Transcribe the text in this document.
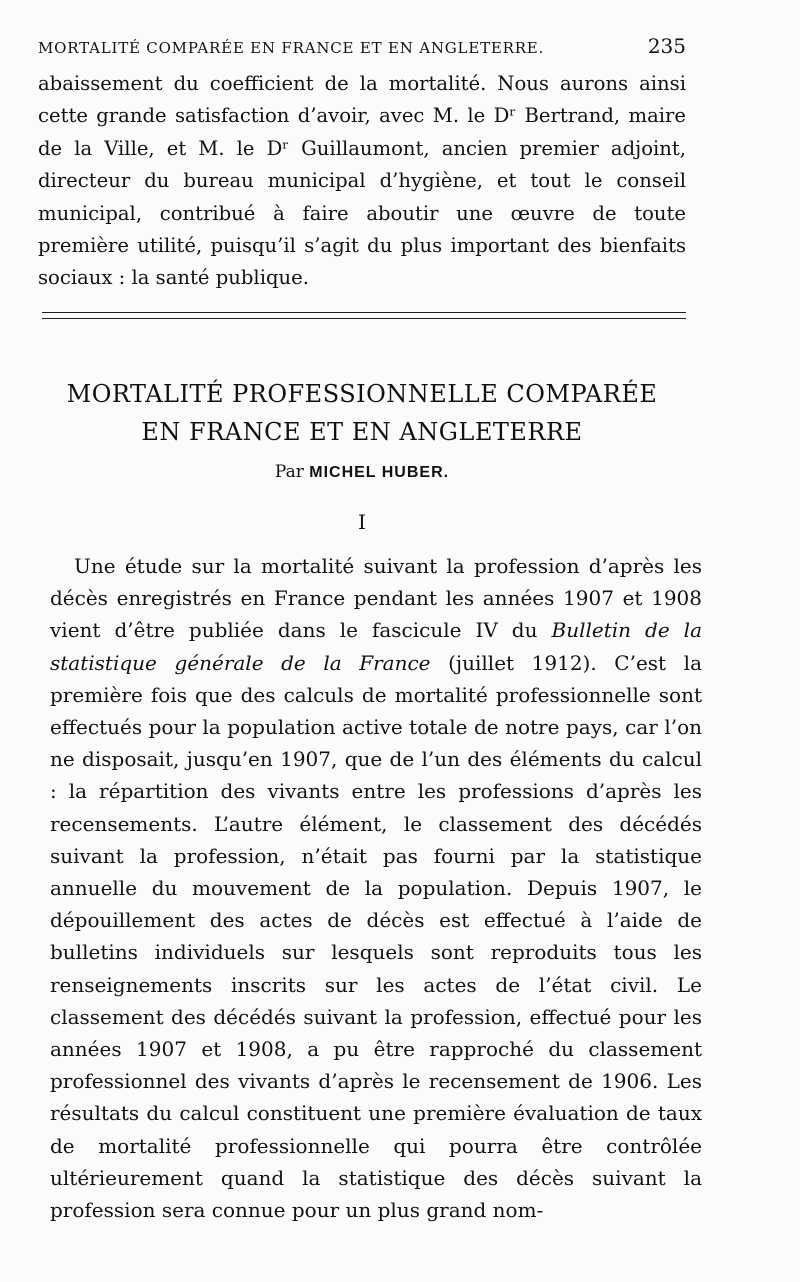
MORTALITÉ COMPARÉE EN FRANCE ET EN ANGLETERRE.	235

abaissement du coefficient de la mortalité. Nous aurons ainsi cette grande satisfaction d’avoir, avec M. le Dʳ Bertrand, maire de la Ville, et M. le Dʳ Guillaumont, ancien premier adjoint, directeur du bureau municipal d’hygiène, et tout le conseil municipal, contribué à faire aboutir une œuvre de toute première utilité, puisqu’il s’agit du plus important des bienfaits sociaux : la santé publique.

MORTALITÉ PROFESSIONNELLE COMPARÉE
EN FRANCE ET EN ANGLETERRE
Par MICHEL HUBER.
I

Une étude sur la mortalité suivant la profession d’après les décès enregistrés en France pendant les années 1907 et 1908 vient d’être publiée dans le fascicule IV du Bulletin de la statistique générale de la France (juillet 1912). C’est la première fois que des calculs de mortalité professionnelle sont effectués pour la population active totale de notre pays, car l’on ne disposait, jusqu’en 1907, que de l’un des éléments du calcul : la répartition des vivants entre les professions d’après les recensements. L’autre élément, le classement des décédés suivant la profession, n’était pas fourni par la statistique annuelle du mouvement de la population. Depuis 1907, le dépouillement des actes de décès est effectué à l’aide de bulletins individuels sur lesquels sont reproduits tous les renseignements inscrits sur les actes de l’état civil. Le classement des décédés suivant la profession, effectué pour les années 1907 et 1908, a pu être rapproché du classement professionnel des vivants d’après le recensement de 1906. Les résultats du calcul constituent une première évaluation de taux de mortalité professionnelle qui pourra être contrôlée ultérieurement quand la statistique des décès suivant la profession sera connue pour un plus grand nom-
